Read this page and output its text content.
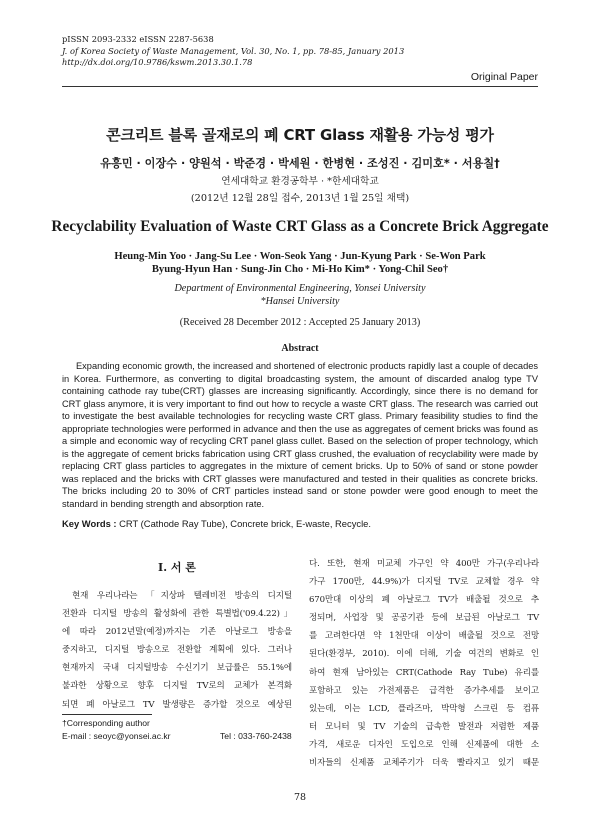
pISSN 2093-2332 eISSN 2287-5638
J. of Korea Society of Waste Management, Vol. 30, No. 1, pp. 78-85, January 2013
http://dx.doi.org/10.9786/kswm.2013.30.1.78
Original Paper
콘크리트 블록 골재로의 폐 CRT Glass 재활용 가능성 평가
유흥민 · 이장수 · 양원석 · 박준경 · 박세원 · 한병현 · 조성진 · 김미호* · 서용칠†
연세대학교 환경공학부 · *한세대학교
(2012년 12월 28일 접수, 2013년 1월 25일 채택)
Recyclability Evaluation of Waste CRT Glass as a Concrete Brick Aggregate
Heung-Min Yoo · Jang-Su Lee · Won-Seok Yang · Jun-Kyung Park · Se-Won Park
Byung-Hyun Han · Sung-Jin Cho · Mi-Ho Kim* · Yong-Chil Seo†
Department of Environmental Engineering, Yonsei University
*Hansei University
(Received 28 December 2012 : Accepted 25 January 2013)
Abstract
Expanding economic growth, the increased and shortened of electronic products rapidly last a couple of decades in Korea. Furthermore, as converting to digital broadcasting system, the amount of discarded analog type TV containing cathode ray tube(CRT) glasses are increasing significantly. Accordingly, since there is no demand for CRT glass anymore, it is very important to find out how to recycle a waste CRT glass. The research was carried out to investigate the best available technologies for recycling waste CRT glass. Primary feasibility studies to find the appropriate technologies were performed in advance and then the use as aggregates of cement bricks was found as a simple and economic way of recycling CRT panel glass cullet. Based on the selection of proper technology, which is the aggregate of cement bricks fabrication using CRT glass crushed, the evaluation of recyclability were made by replacing CRT glass particles to aggregates in the mixture of cement bricks. Up to 50% of sand or stone powder was replaced and the bricks with CRT glasses were manufactured and tested in their qualities as concrete bricks. The bricks including 20 to 30% of CRT particles instead sand or stone powder were good enough to meet the standard in bending strength and absorption rate.
Key Words : CRT (Cathode Ray Tube), Concrete brick, E-waste, Recycle.
I. 서 론
현재 우리나라는 「지상파 텔레비전 방송의 디지털
전환과 디지털 방송의 활성화에 관한 특별법('09.4.22)」
에 따라 2012년말(예정)까지는 기존 아날로그 방송을
중지하고, 디지털 방송으로 전환할 계획에 있다. 그러나
현재까지 국내 디지털방송 수신기기 보급률은 55.1%에
불과한 상황으로 향후 디지털 TV로의 교체가 본격화
되면 폐 아날로그 TV 발생량은 증가할 것으로 예상된
다. 또한, 현재 미교체 가구인 약 400만 가구(우리나라
가구 1700만, 44.9%)가 디지털 TV로 교체할 경우 약
670만대 이상의 폐 아날로그 TV가 배출될 것으로 추
정되며, 사업장 및 공공기관 등에 보급된 아날로그 TV
를 고려한다면 약 1천만대 이상이 배출될 것으로 전망
된다(환경부, 2010). 이에 더해, 기술 여건의 변화로 인
하여 현재 남아있는 CRT(Cathode Ray Tube) 유리를
포함하고 있는 가전제품은 급격한 증가추세를 보이고
있는데, 이는 LCD, 플라즈마, 박막형 스크린 등 컴퓨
터 모니터 및 TV 기술의 급속한 발전과 저렴한 제품
가격, 새로운 디자인 도입으로 인해 신제품에 대한 소
비자들의 신제품 교체주기가 더욱 빨라지고 있기 때문
†Corresponding author
E-mail : seoyc@yonsei.ac.kr	Tel : 033-760-2438
78
